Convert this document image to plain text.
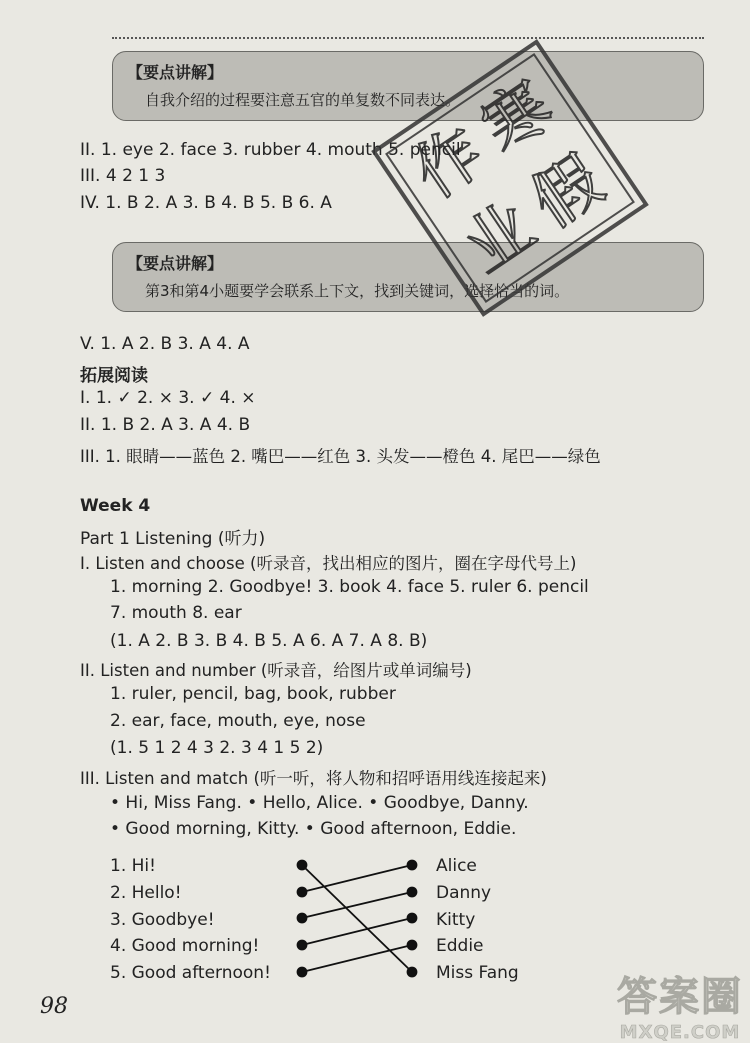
【要点讲解】
自我介绍的过程要注意五官的单复数不同表达。
II. 1. eye 2. face 3. rubber 4. mouth 5. pencil
III. 4 2 1 3
IV. 1. B 2. A 3. B 4. B 5. B 6. A
【要点讲解】
第3和第4小题要学会联系上下文，找到关键词，选择恰当的词。
V. 1. A 2. B 3. A 4. A
拓展阅读
I. 1. ✓ 2. × 3. ✓ 4. ×
II. 1. B 2. A 3. A 4. B
III. 1. 眼睛——蓝色 2. 嘴巴——红色 3. 头发——橙色 4. 尾巴——绿色
Week 4
Part 1 Listening (听力)
I. Listen and choose (听录音，找出相应的图片，圈在字母代号上)
1. morning 2. Goodbye! 3. book 4. face 5. ruler 6. pencil
7. mouth 8. ear
(1. A 2. B 3. B 4. B 5. A 6. A 7. A 8. B)
II. Listen and number (听录音，给图片或单词编号)
1. ruler, pencil, bag, book, rubber
2. ear, face, mouth, eye, nose
(1. 5 1 2 4 3 2. 3 4 1 5 2)
III. Listen and match (听一听，将人物和招呼语用线连接起来)
• Hi, Miss Fang. • Hello, Alice. • Goodbye, Danny.
• Good morning, Kitty. • Good afternoon, Eddie.
1. Hi!
2. Hello!
3. Goodbye!
4. Good morning!
5. Good afternoon!
Alice
Danny
Kitty
Eddie
Miss Fang
98
寒
假
作
业
答案圈
MXQE.COM
